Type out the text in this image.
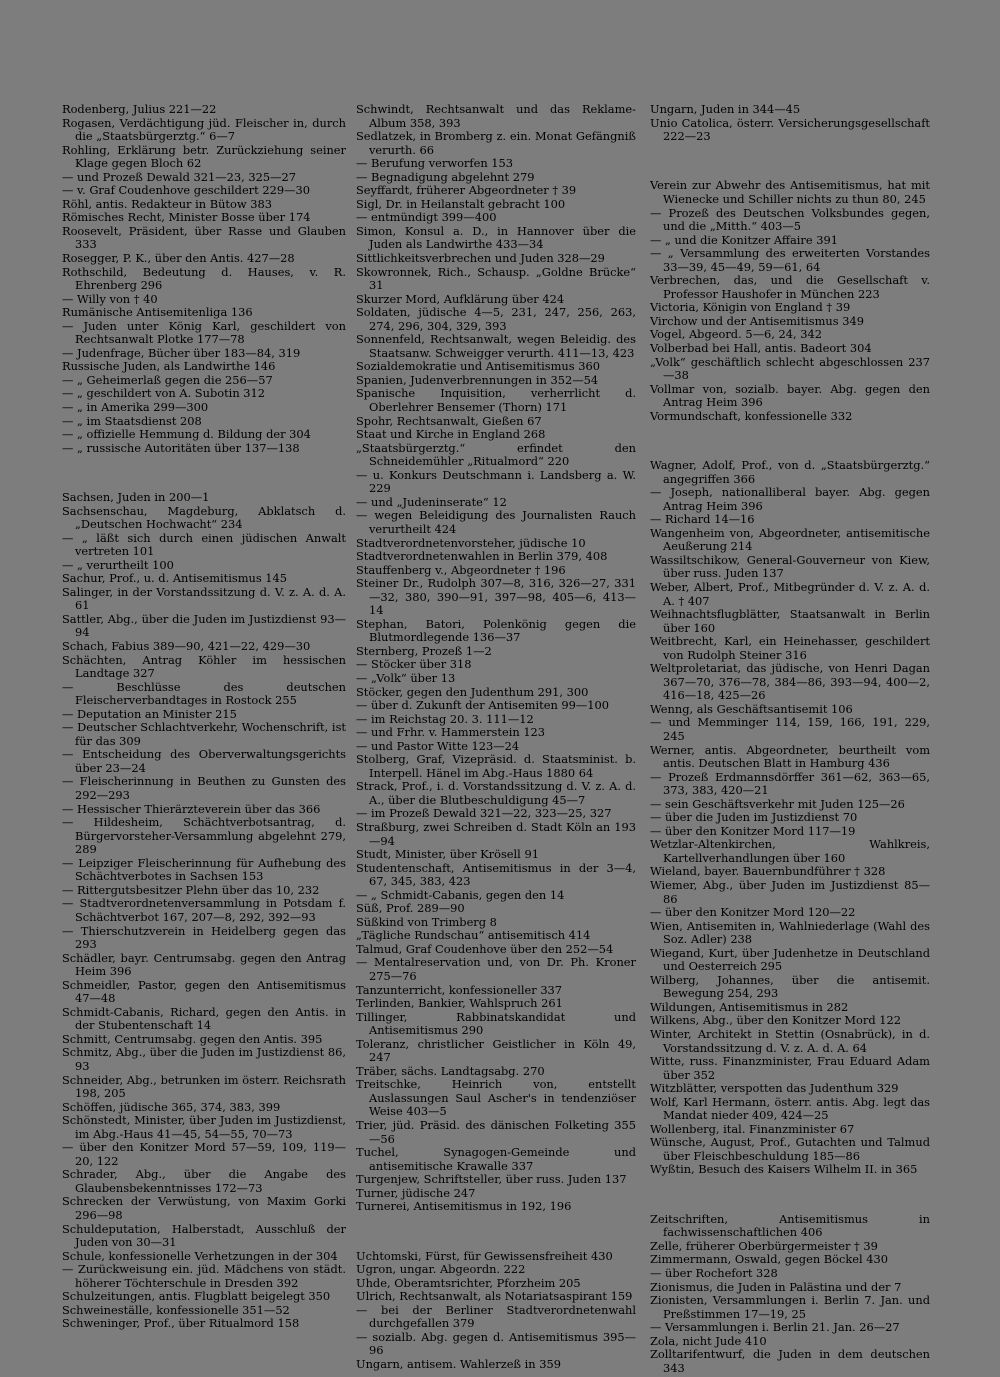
Rodenberg, Julius 221—22

Rogasen, Verdächtigung jüd. Fleischer in, durch die „Staatsbürgerztg.“ 6—7

Rohling, Erklärung betr. Zurückziehung seiner Klage gegen Bloch 62

— und Prozeß Dewald 321—23, 325—27

— v. Graf Coudenhove geschildert 229—30

Röhl, antis. Redakteur in Bütow 383

Römisches Recht, Minister Bosse über 174

Roosevelt, Präsident, über Rasse und Glauben 333

Rosegger, P. K., über den Antis. 427—28

Rothschild, Bedeutung d. Hauses, v. R. Ehrenberg 296

— Willy von † 40

Rumänische Antisemitenliga 136

— Juden unter König Karl, geschildert von Rechtsanwalt Plotke 177—78

— Judenfrage, Bücher über 183—84, 319

Russische Juden, als Landwirthe 146

— „ Geheimerlaß gegen die 256—57

— „ geschildert von A. Subotin 312

— „ in Amerika 299—300

— „ im Staatsdienst 208

— „ offizielle Hemmung d. Bildung der 304

— „ russische Autoritäten über 137—138

Sachsen, Juden in 200—1

Sachsenschau, Magdeburg, Abklatsch d. „Deutschen Hochwacht“ 234

— „ läßt sich durch einen jüdischen Anwalt vertreten 101

— „ verurtheilt 100

Sachur, Prof., u. d. Antisemitismus 145

Salinger, in der Vorstandssitzung d. V. z. A. d. A. 61

Sattler, Abg., über die Juden im Justizdienst 93—94

Schach, Fabius 389—90, 421—22, 429—30

Schächten, Antrag Köhler im hessischen Landtage 327

— Beschlüsse des deutschen Fleischerverbandtages in Rostock 255

— Deputation an Minister 215

— Deutscher Schlachtverkehr, Wochenschrift, ist für das 309

— Entscheidung des Oberverwaltungsgerichts über 23—24

— Fleischerinnung in Beuthen zu Gunsten des 292—293

— Hessischer Thierärzteverein über das 366

— Hildesheim, Schächtverbotsantrag, d. Bürgervorsteher-Versammlung abgelehnt 279, 289

— Leipziger Fleischerinnung für Aufhebung des Schächtverbotes in Sachsen 153

— Rittergutsbesitzer Plehn über das 10, 232

— Stadtverordnetenversammlung in Potsdam f. Schächtverbot 167, 207—8, 292, 392—93

— Thierschutzverein in Heidelberg gegen das 293

Schädler, bayr. Centrumsabg. gegen den Antrag Heim 396

Schmeidler, Pastor, gegen den Antisemitismus 47—48

Schmidt-Cabanis, Richard, gegen den Antis. in der Stubentenschaft 14

Schmitt, Centrumsabg. gegen den Antis. 395

Schmitz, Abg., über die Juden im Justizdienst 86, 93

Schneider, Abg., betrunken im österr. Reichsrath 198, 205

Schöffen, jüdische 365, 374, 383, 399

Schönstedt, Minister, über Juden im Justizdienst, im Abg.-Haus 41—45, 54—55, 70—73

— über den Konitzer Mord 57—59, 109, 119—20, 122

Schrader, Abg., über die Angabe des Glaubensbekenntnisses 172—73

Schrecken der Verwüstung, von Maxim Gorki 296—98

Schuldeputation, Halberstadt, Ausschluß der Juden von 30—31

Schule, konfessionelle Verhetzungen in der 304

— Zurückweisung ein. jüd. Mädchens von städt. höherer Töchterschule in Dresden 392

Schulzeitungen, antis. Flugblatt beigelegt 350

Schweineställe, konfessionelle 351—52

Schweninger, Prof., über Ritualmord 158

Schwindt, Rechtsanwalt und das Reklame-Album 358, 393

Sedlatzek, in Bromberg z. ein. Monat Gefängniß verurth. 66

— Berufung verworfen 153

— Begnadigung abgelehnt 279

Seyffardt, früherer Abgeordneter † 39

Sigl, Dr. in Heilanstalt gebracht 100

— entmündigt 399—400

Simon, Konsul a. D., in Hannover über die Juden als Landwirthe 433—34

Sittlichkeitsverbrechen und Juden 328—29

Skowronnek, Rich., Schausp. „Goldne Brücke“ 31

Skurzer Mord, Aufklärung über 424

Soldaten, jüdische 4—5, 231, 247, 256, 263, 274, 296, 304, 329, 393

Sonnenfeld, Rechtsanwalt, wegen Beleidig. des Staatsanw. Schweigger verurth. 411—13, 423

Sozialdemokratie und Antisemitismus 360

Spanien, Judenverbrennungen in 352—54

Spanische Inquisition, verherrlicht d. Oberlehrer Bensemer (Thorn) 171

Spohr, Rechtsanwalt, Gießen 67

Staat und Kirche in England 268

„Staatsbürgerztg.“ erfindet den Schneidemühler „Ritualmord“ 220

— u. Konkurs Deutschmann i. Landsberg a. W. 229

— und „Judeninserate“ 12

— wegen Beleidigung des Journalisten Rauch verurtheilt 424

Stadtverordnetenvorsteher, jüdische 10

Stadtverordnetenwahlen in Berlin 379, 408

Stauffenberg v., Abgeordneter † 196

Steiner Dr., Rudolph 307—8, 316, 326—27, 331—32, 380, 390—91, 397—98, 405—6, 413—14

Stephan, Batori, Polenkönig gegen die Blutmordlegende 136—37

Sternberg, Prozeß 1—2

— Stöcker über 318

— „Volk“ über 13

Stöcker, gegen den Judenthum 291, 300

— über d. Zukunft der Antisemiten 99—100

— im Reichstag 20. 3. 111—12

— und Frhr. v. Hammerstein 123

— und Pastor Witte 123—24

Stolberg, Graf, Vizepräsid. d. Staatsminist. b. Interpell. Hänel im Abg.-Haus 1880 64

Strack, Prof., i. d. Vorstandssitzung d. V. z. A. d. A., über die Blutbeschuldigung 45—7

— im Prozeß Dewald 321—22, 323—25, 327

Straßburg, zwei Schreiben d. Stadt Köln an 193—94

Studt, Minister, über Krösell 91

Studentenschaft, Antisemitismus in der 3—4, 67, 345, 383, 423

— „ Schmidt-Cabanis, gegen den 14

Süß, Prof. 289—90

Süßkind von Trimberg 8

„Tägliche Rundschau“ antisemitisch 414

Talmud, Graf Coudenhove über den 252—54

— Mentalreservation und, von Dr. Ph. Kroner 275—76

Tanzunterricht, konfessioneller 337

Terlinden, Bankier, Wahlspruch 261

Tillinger, Rabbinatskandidat und Antisemitismus 290

Toleranz, christlicher Geistlicher in Köln 49, 247

Träber, sächs. Landtagsabg. 270

Treitschke, Heinrich von, entstellt Auslassungen Saul Ascher's in tendenziöser Weise 403—5

Trier, jüd. Präsid. des dänischen Folketing 355—56

Tuchel, Synagogen-Gemeinde und antisemitische Krawalle 337

Turgenjew, Schriftsteller, über russ. Juden 137

Turner, jüdische 247

Turnerei, Antisemitismus in 192, 196

Uchtomski, Fürst, für Gewissensfreiheit 430

Ugron, ungar. Abgeordn. 222

Uhde, Oberamtsrichter, Pforzheim 205

Ulrich, Rechtsanwalt, als Notariatsaspirant 159

— bei der Berliner Stadtverordnetenwahl durchgefallen 379

— sozialb. Abg. gegen d. Antisemitismus 395—96

Ungarn, antisem. Wahlerzeß in 359

Ungarn, Juden in 344—45

Unio Catolica, österr. Versicherungsgesellschaft 222—23

Verein zur Abwehr des Antisemitismus, hat mit Wienecke und Schiller nichts zu thun 80, 245

— Prozeß des Deutschen Volksbundes gegen, und die „Mitth.“ 403—5

— „ und die Konitzer Affaire 391

— „ Versammlung des erweiterten Vorstandes 33—39, 45—49, 59—61, 64

Verbrechen, das, und die Gesellschaft v. Professor Haushofer in München 223

Victoria, Königin von England † 39

Virchow und der Antisemitismus 349

Vogel, Abgeord. 5—6, 24, 342

Volberbad bei Hall, antis. Badeort 304

„Volk“ geschäftlich schlecht abgeschlossen 237—38

Vollmar von, sozialb. bayer. Abg. gegen den Antrag Heim 396

Vormundschaft, konfessionelle 332

Wagner, Adolf, Prof., von d. „Staatsbürgerztg.“ angegriffen 366

— Joseph, nationalliberal bayer. Abg. gegen Antrag Heim 396

— Richard 14—16

Wangenheim von, Abgeordneter, antisemitische Aeußerung 214

Wassiltschikow, General-Gouverneur von Kiew, über russ. Juden 137

Weber, Albert, Prof., Mitbegründer d. V. z. A. d. A. † 407

Weihnachtsflugblätter, Staatsanwalt in Berlin über 160

Weitbrecht, Karl, ein Heinehasser, geschildert von Rudolph Steiner 316

Weltproletariat, das jüdische, von Henri Dagan 367—70, 376—78, 384—86, 393—94, 400—2, 416—18, 425—26

Wenng, als Geschäftsantisemit 106

— und Memminger 114, 159, 166, 191, 229, 245

Werner, antis. Abgeordneter, beurtheilt vom antis. Deutschen Blatt in Hamburg 436

— Prozeß Erdmannsdörffer 361—62, 363—65, 373, 383, 420—21

— sein Geschäftsverkehr mit Juden 125—26

— über die Juden im Justizdienst 70

— über den Konitzer Mord 117—19

Wetzlar-Altenkirchen, Wahlkreis, Kartellverhandlungen über 160

Wieland, bayer. Bauernbundführer † 328

Wiemer, Abg., über Juden im Justizdienst 85—86

— über den Konitzer Mord 120—22

Wien, Antisemiten in, Wahlniederlage (Wahl des Soz. Adler) 238

Wiegand, Kurt, über Judenhetze in Deutschland und Oesterreich 295

Wilberg, Johannes, über die antisemit. Bewegung 254, 293

Wildungen, Antisemitismus in 282

Wilkens, Abg., über den Konitzer Mord 122

Winter, Architekt in Stettin (Osnabrück), in d. Vorstandssitzung d. V. z. A. d. A. 64

Witte, russ. Finanzminister, Frau Eduard Adam über 352

Witzblätter, verspotten das Judenthum 329

Wolf, Karl Hermann, österr. antis. Abg. legt das Mandat nieder 409, 424—25

Wollenberg, ital. Finanzminister 67

Wünsche, August, Prof., Gutachten und Talmud über Fleischbeschuldung 185—86

Wyßtin, Besuch des Kaisers Wilhelm II. in 365

Zeitschriften, Antisemitismus in fachwissenschaftlichen 406

Zelle, früherer Oberbürgermeister † 39

Zimmermann, Oswald, gegen Böckel 430

— über Rochefort 328

Zionismus, die Juden in Palästina und der 7

Zionisten, Versammlungen i. Berlin 7. Jan. und Preßstimmen 17—19, 25

— Versammlungen i. Berlin 21. Jan. 26—27

Zola, nicht Jude 410

Zolltarifentwurf, die Juden in dem deutschen 343
